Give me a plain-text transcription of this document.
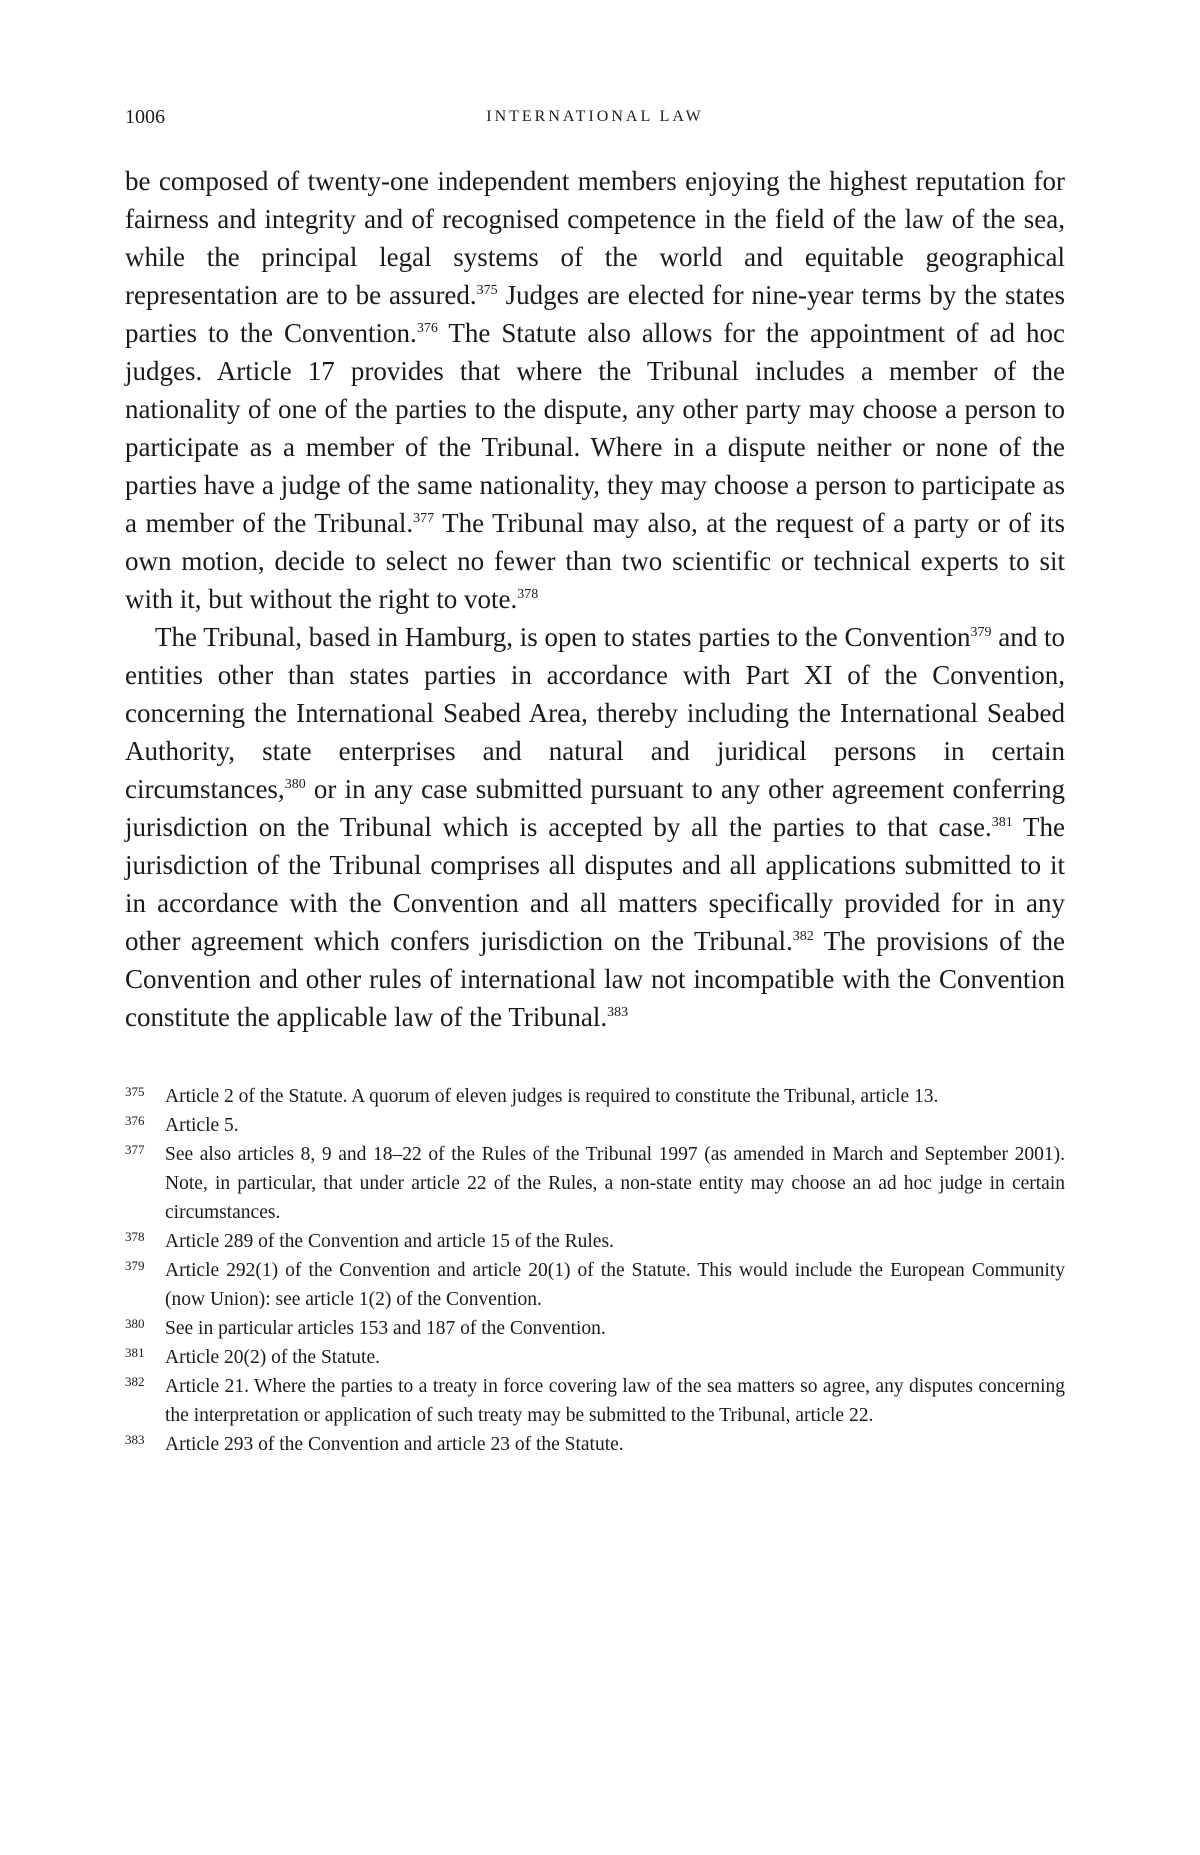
1006	INTERNATIONAL LAW

be composed of twenty-one independent members enjoying the highest reputation for fairness and integrity and of recognised competence in the field of the law of the sea, while the principal legal systems of the world and equitable geographical representation are to be assured.$^{375}$ Judges are elected for nine-year terms by the states parties to the Convention.$^{376}$ The Statute also allows for the appointment of ad hoc judges. Article 17 provides that where the Tribunal includes a member of the nationality of one of the parties to the dispute, any other party may choose a person to participate as a member of the Tribunal. Where in a dispute neither or none of the parties have a judge of the same nationality, they may choose a person to participate as a member of the Tribunal.$^{377}$ The Tribunal may also, at the request of a party or of its own motion, decide to select no fewer than two scientific or technical experts to sit with it, but without the right to vote.$^{378}$

The Tribunal, based in Hamburg, is open to states parties to the Convention$^{379}$ and to entities other than states parties in accordance with Part XI of the Convention, concerning the International Seabed Area, thereby including the International Seabed Authority, state enterprises and natural and juridical persons in certain circumstances,$^{380}$ or in any case submitted pursuant to any other agreement conferring jurisdiction on the Tribunal which is accepted by all the parties to that case.$^{381}$ The jurisdiction of the Tribunal comprises all disputes and all applications submitted to it in accordance with the Convention and all matters specifically provided for in any other agreement which confers jurisdiction on the Tribunal.$^{382}$ The provisions of the Convention and other rules of international law not incompatible with the Convention constitute the applicable law of the Tribunal.$^{383}$

375 Article 2 of the Statute. A quorum of eleven judges is required to constitute the Tribunal, article 13.
376 Article 5.
377 See also articles 8, 9 and 18–22 of the Rules of the Tribunal 1997 (as amended in March and September 2001). Note, in particular, that under article 22 of the Rules, a non-state entity may choose an ad hoc judge in certain circumstances.
378 Article 289 of the Convention and article 15 of the Rules.
379 Article 292(1) of the Convention and article 20(1) of the Statute. This would include the European Community (now Union): see article 1(2) of the Convention.
380 See in particular articles 153 and 187 of the Convention.
381 Article 20(2) of the Statute.
382 Article 21. Where the parties to a treaty in force covering law of the sea matters so agree, any disputes concerning the interpretation or application of such treaty may be submitted to the Tribunal, article 22.
383 Article 293 of the Convention and article 23 of the Statute.
